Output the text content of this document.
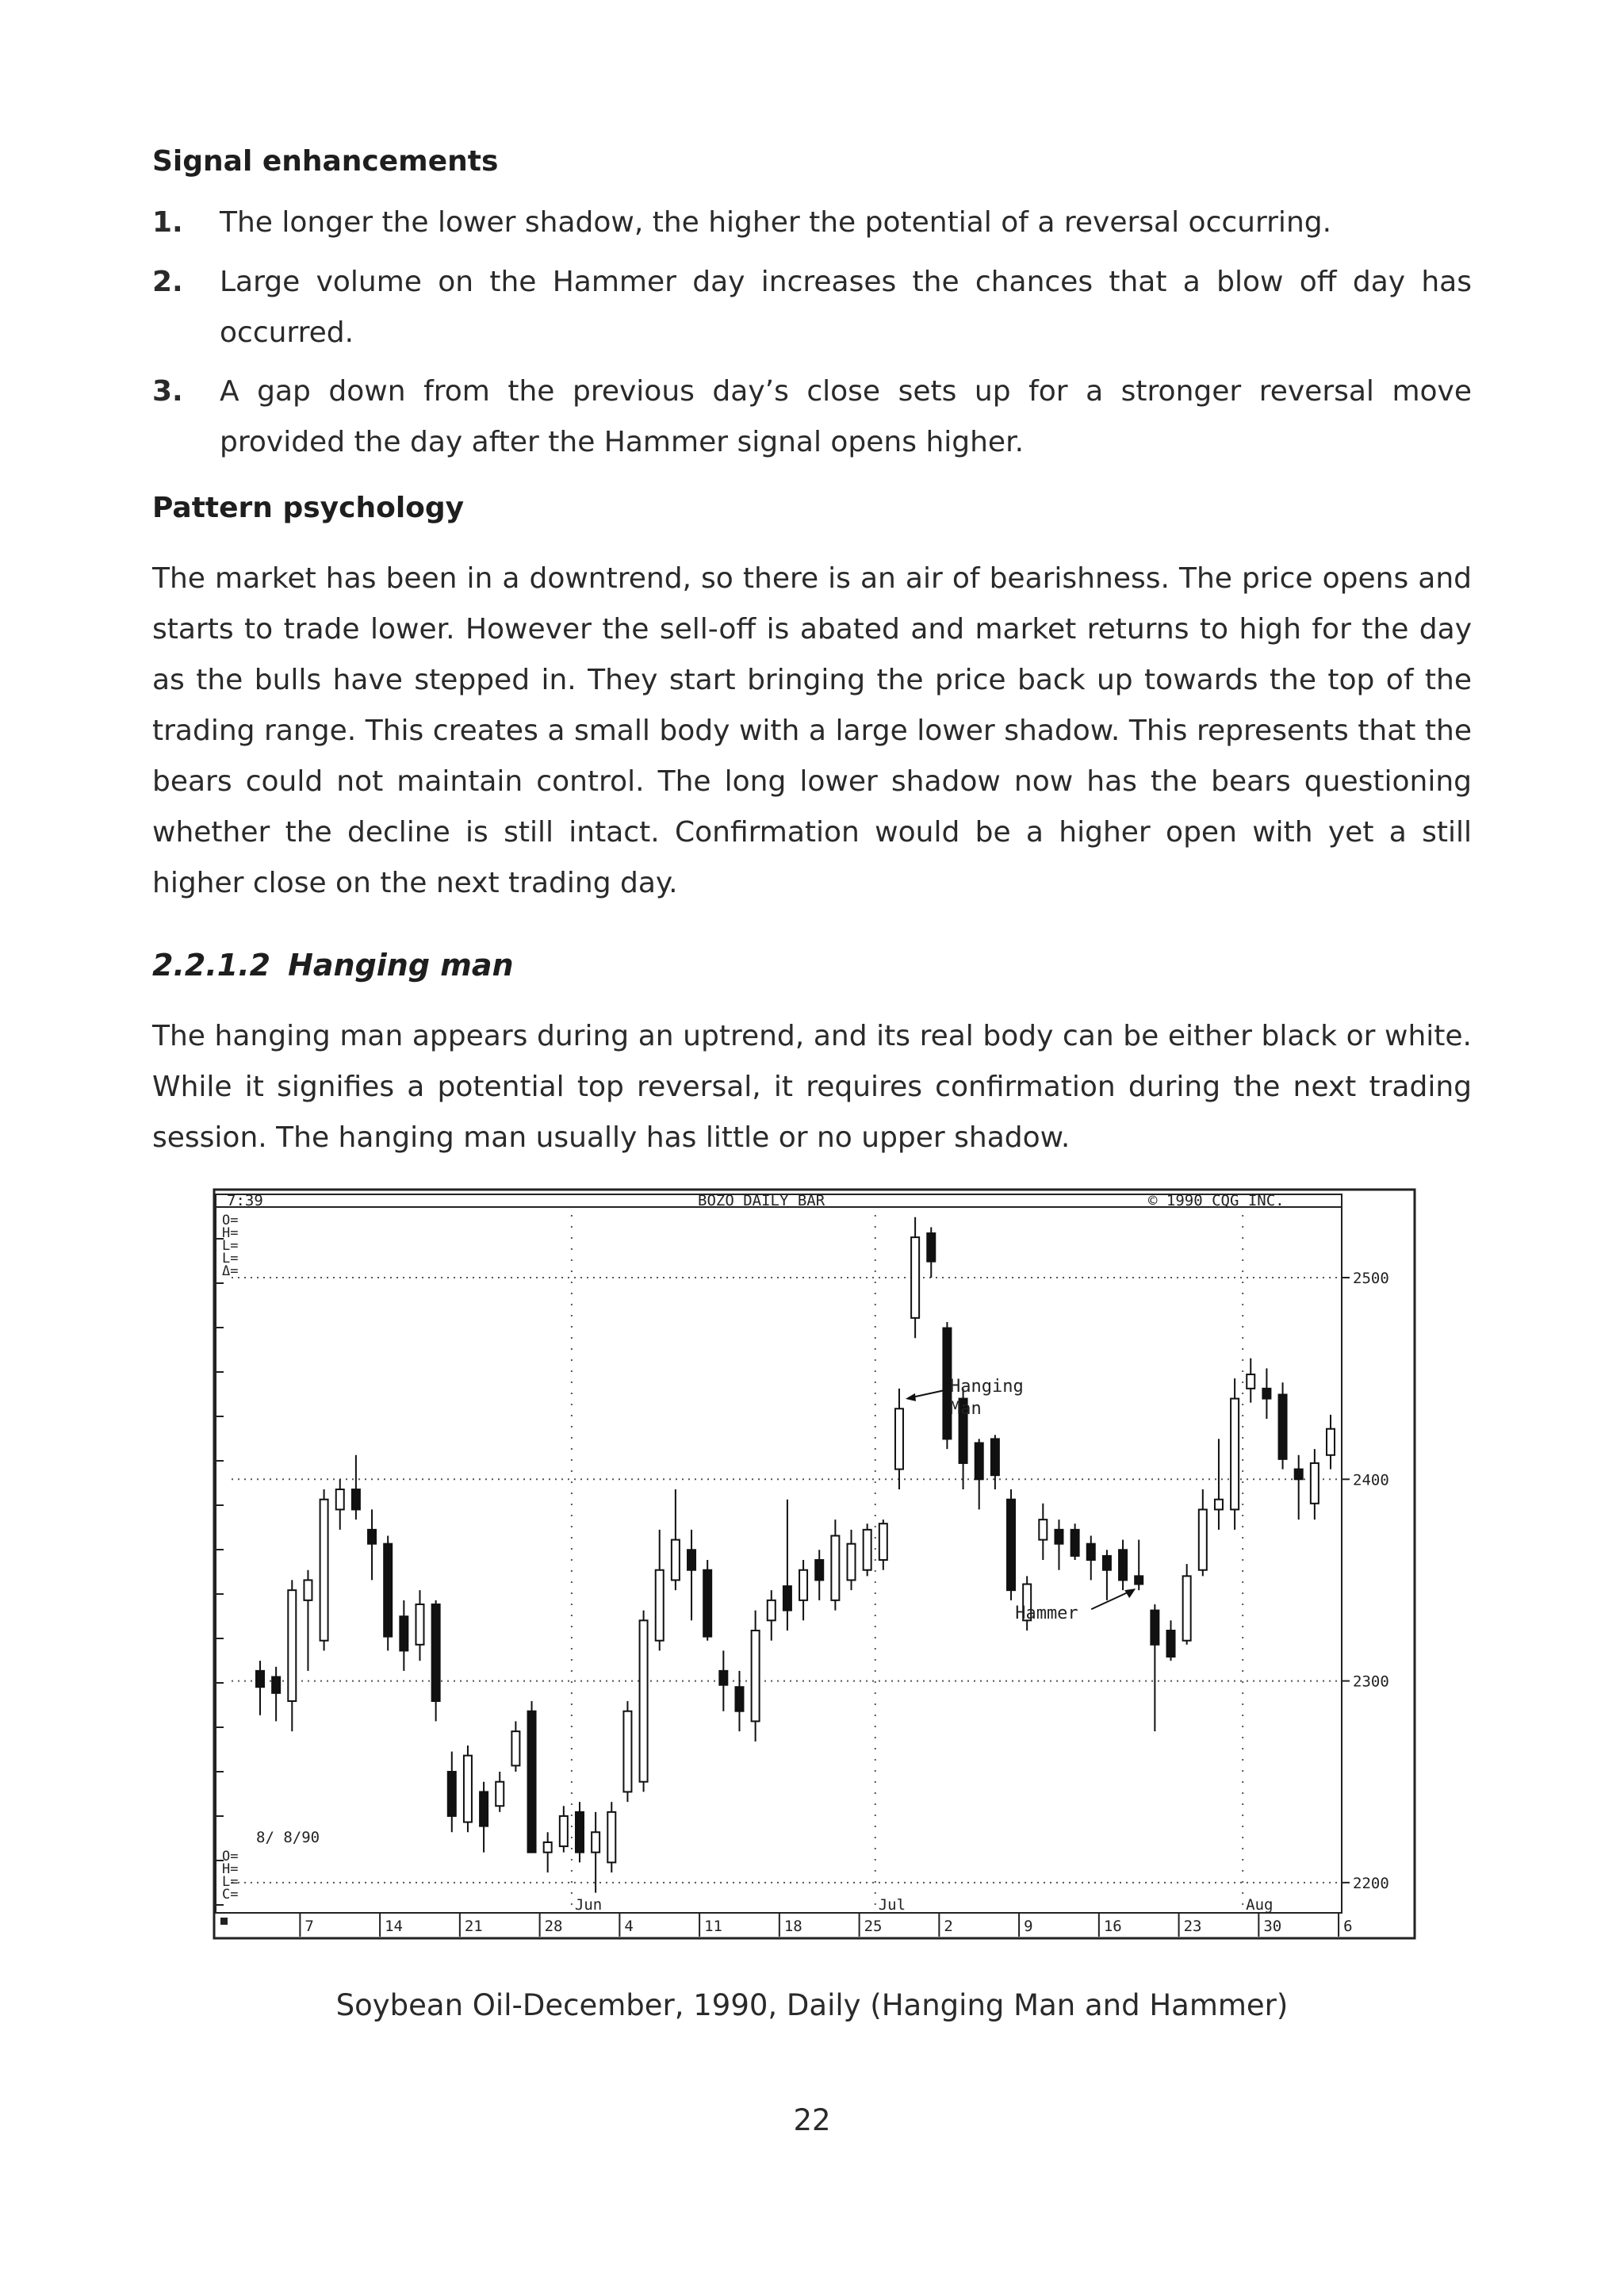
Signal enhancements
1. The longer the lower shadow, the higher the potential of a reversal occurring.
2. Large volume on the Hammer day increases the chances that a blow off day has occurred.
3. A gap down from the previous day’s close sets up for a stronger reversal move provided the day after the Hammer signal opens higher.
Pattern psychology
The market has been in a downtrend, so there is an air of bearishness. The price opens and starts to trade lower. However the sell-off is abated and market returns to high for the day as the bulls have stepped in. They start bringing the price back up towards the top of the trading range. This creates a small body with a large lower shadow. This represents that the bears could not maintain control. The long lower shadow now has the bears questioning whether the decline is still intact. Confirmation would be a higher open with yet a still higher close on the next trading day.
2.2.1.2 Hanging man
The hanging man appears during an uptrend, and its real body can be either black or white. While it signifies a potential top reversal, it requires confirmation during the next trading session. The hanging man usually has little or no upper shadow.
7:39	BOZO DAILY BAR	© 1990 CQG INC.
8/ 8/90
O=
H=
L=
L=
Δ=
O=
H=
L=
C=
2200
2300
2400
2500
7	14	21	28	4	11	18	25	2	9	16	23	30	6
Jun	Jul	Aug
Hanging
Man
Hammer
Soybean Oil-December, 1990, Daily (Hanging Man and Hammer)
22
